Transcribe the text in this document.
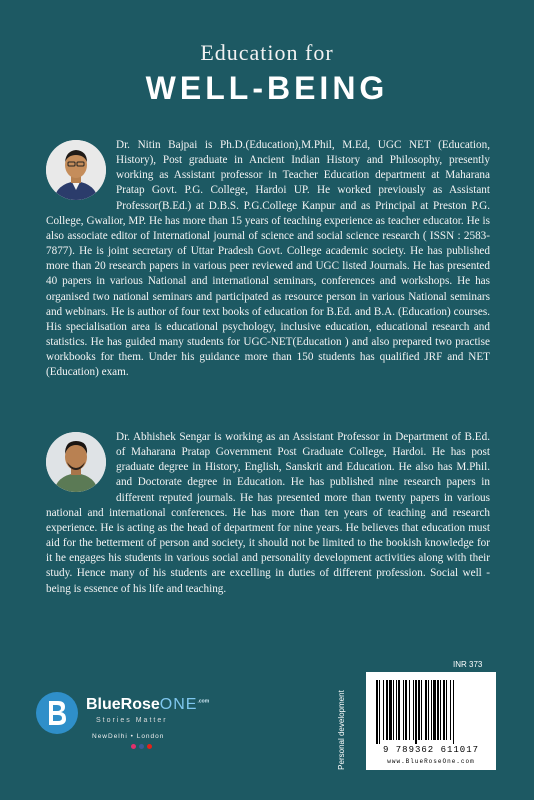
Education for
WELL-BEING
Dr. Nitin Bajpai is Ph.D.(Education),M.Phil, M.Ed, UGC NET (Education, History), Post graduate in Ancient Indian History and Philosophy, presently working as Assistant professor in Teacher Education department at Maharana Pratap Govt. P.G. College, Hardoi UP. He worked previously as Assistant Professor(B.Ed.) at D.B.S. P.G.College Kanpur and as Principal at Preston P.G. College, Gwalior, MP. He has more than 15 years of teaching experience as teacher educator. He is also associate editor of International journal of science and social science research ( ISSN : 2583-7877). He is joint secretary of Uttar Pradesh Govt. College academic society. He has published more than 20 research papers in various peer reviewed and UGC listed Journals. He has presented 40 papers in various National and international seminars, conferences and workshops. He has organised two national seminars and participated as resource person in various National seminars and webinars. He is author of four text books of education for B.Ed. and B.A. (Education) courses. His specialisation area is educational psychology, inclusive education, educational research and statistics. He has guided many students for UGC-NET(Education ) and also prepared two practise workbooks for them. Under his guidance more than 150 students has qualified JRF and NET (Education) exam.
Dr. Abhishek Sengar is working as an Assistant Professor in Department of B.Ed. of Maharana Pratap Government Post Graduate College, Hardoi. He has post graduate degree in History, English, Sanskrit and Education. He also has M.Phil. and Doctorate degree in Education. He has published nine research papers in different reputed journals. He has presented more than twenty papers in various national and international conferences. He has more than ten years of teaching and research experience. He is acting as the head of department for nine years. He believes that education must aid for the betterment of person and society, it should not be limited to the bookish knowledge for it he engages his students in various social and personality development activities along with their study. Hence many of his students are excelling in duties of different profession. Social well - being is essence of his life and teaching.
BlueRoseONE$^{.com}$
Stories Matter
NewDelhi • London	Personal development
INR 373
9 789362 611017
www.BlueRoseOne.com
